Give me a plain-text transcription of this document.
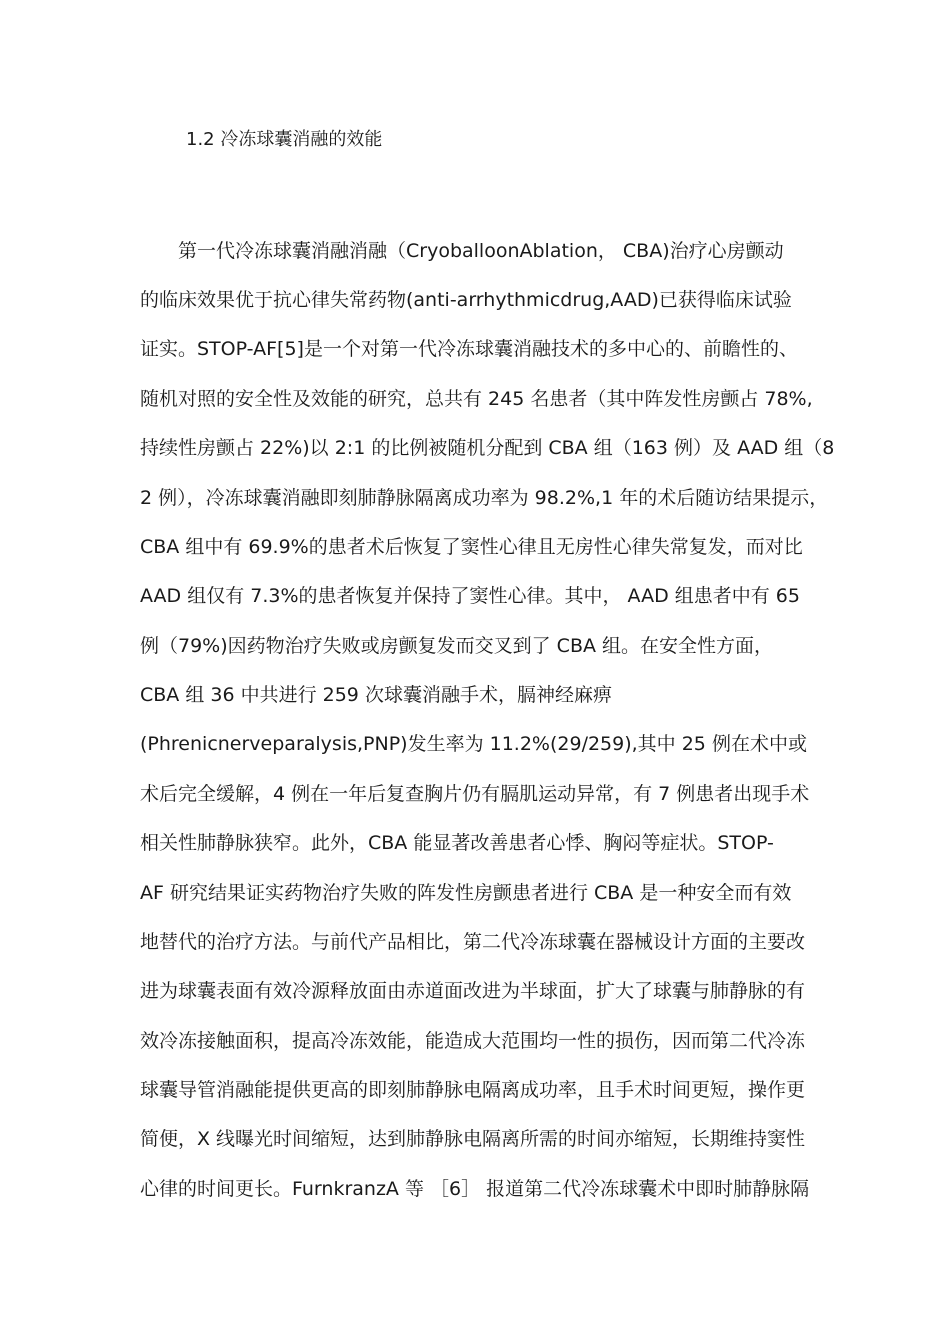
1.2 冷冻球囊消融的效能
　　第一代冷冻球囊消融消融（CryoballoonAblation， CBA)治疗心房颤动
的临床效果优于抗心律失常药物(anti-arrhythmicdrug,AAD)已获得临床试验
证实。STOP-AF[5]是一个对第一代冷冻球囊消融技术的多中心的、前瞻性的、
随机对照的安全性及效能的研究，总共有 245 名患者（其中阵发性房颤占 78%,
持续性房颤占 22%)以 2:1 的比例被随机分配到 CBA 组（163 例）及 AAD 组（8
2 例），冷冻球囊消融即刻肺静脉隔离成功率为 98.2%,1 年的术后随访结果提示，
CBA 组中有 69.9%的患者术后恢复了窦性心律且无房性心律失常复发，而对比
AAD 组仅有 7.3%的患者恢复并保持了窦性心律。其中， AAD 组患者中有 65
例（79%)因药物治疗失败或房颤复发而交叉到了 CBA 组。在安全性方面，
CBA 组 36 中共进行 259 次球囊消融手术，膈神经麻痹
(Phrenicnerveparalysis,PNP)发生率为 11.2%(29/259),其中 25 例在术中或
术后完全缓解，4 例在一年后复查胸片仍有膈肌运动异常，有 7 例患者出现手术
相关性肺静脉狭窄。此外，CBA 能显著改善患者心悸、胸闷等症状。STOP-
AF 研究结果证实药物治疗失败的阵发性房颤患者进行 CBA 是一种安全而有效
地替代的治疗方法。与前代产品相比，第二代冷冻球囊在器械设计方面的主要改
进为球囊表面有效冷源释放面由赤道面改进为半球面，扩大了球囊与肺静脉的有
效冷冻接触面积，提高冷冻效能，能造成大范围均一性的损伤，因而第二代冷冻
球囊导管消融能提供更高的即刻肺静脉电隔离成功率，且手术时间更短，操作更
简便，X 线曝光时间缩短，达到肺静脉电隔离所需的时间亦缩短，长期维持窦性
心律的时间更长。FurnkranzA 等 ［6］ 报道第二代冷冻球囊术中即时肺静脉隔
